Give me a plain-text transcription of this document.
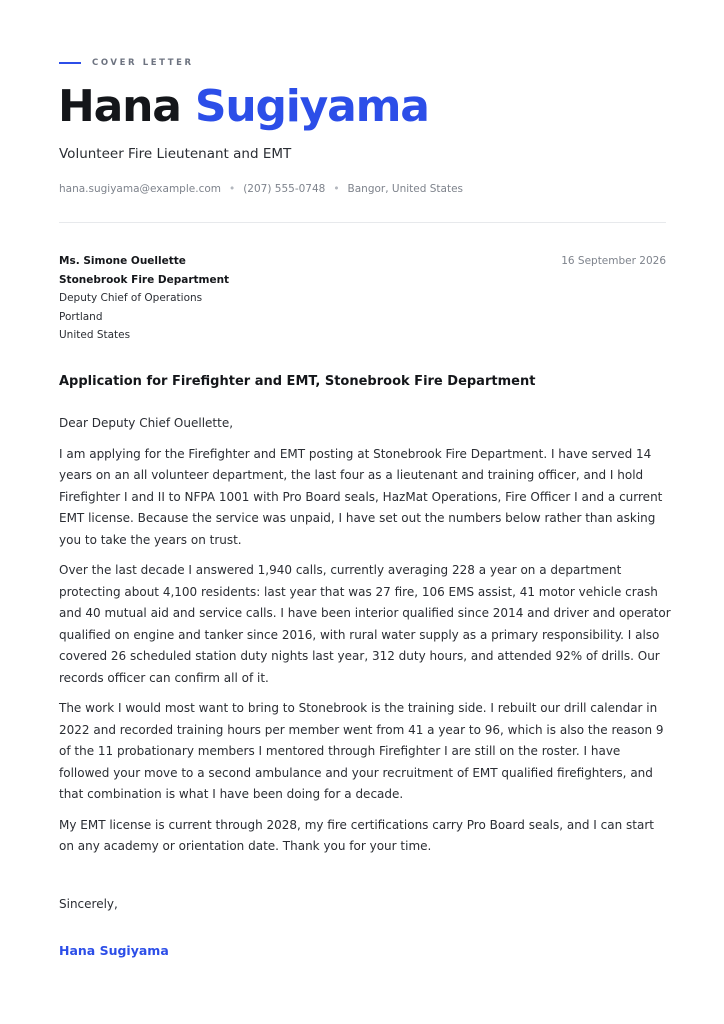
COVER LETTER
Hana Sugiyama
Volunteer Fire Lieutenant and EMT
hana.sugiyama@example.com • (207) 555-0748 • Bangor, United States
Ms. Simone Ouellette
Stonebrook Fire Department
Deputy Chief of Operations
Portland
United States
16 September 2026
Application for Firefighter and EMT, Stonebrook Fire Department

Dear Deputy Chief Ouellette,

I am applying for the Firefighter and EMT posting at Stonebrook Fire Department. I have served 14 years on an all volunteer department, the last four as a lieutenant and training officer, and I hold Firefighter I and II to NFPA 1001 with Pro Board seals, HazMat Operations, Fire Officer I and a current EMT license. Because the service was unpaid, I have set out the numbers below rather than asking you to take the years on trust.

Over the last decade I answered 1,940 calls, currently averaging 228 a year on a department protecting about 4,100 residents: last year that was 27 fire, 106 EMS assist, 41 motor vehicle crash and 40 mutual aid and service calls. I have been interior qualified since 2014 and driver and operator qualified on engine and tanker since 2016, with rural water supply as a primary responsibility. I also covered 26 scheduled station duty nights last year, 312 duty hours, and attended 92% of drills. Our records officer can confirm all of it.

The work I would most want to bring to Stonebrook is the training side. I rebuilt our drill calendar in 2022 and recorded training hours per member went from 41 a year to 96, which is also the reason 9 of the 11 probationary members I mentored through Firefighter I are still on the roster. I have followed your move to a second ambulance and your recruitment of EMT qualified firefighters, and that combination is what I have been doing for a decade.

My EMT license is current through 2028, my fire certifications carry Pro Board seals, and I can start on any academy or orientation date. Thank you for your time.

Sincerely,
Hana Sugiyama
